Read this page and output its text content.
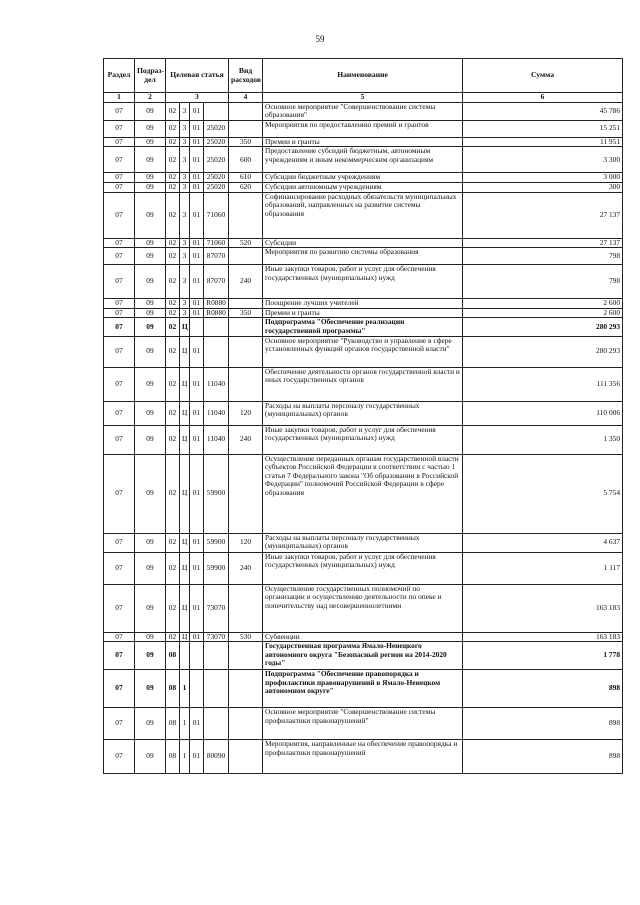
59
Раздел	Подраз-дел	Целевая статья				Вид расходов	Наименование	Сумма
1	2	3				4	5	6
07	09	02	3	01			Основное мероприятие "Совершенствование системы образования"	45 786
07	09	02	3	01	25020		Мероприятия по предоставлению премий и грантов	15 251
07	09	02	3	01	25020	350	Премии и гранты	11 951
07	09	02	3	01	25020	600	Предоставление субсидий бюджетным, автономным учреждениям и иным некоммерческим организациям	3 300
07	09	02	3	01	25020	610	Субсидии бюджетным учреждениям	3 000
07	09	02	3	01	25020	620	Субсидии автономным учреждениям	300
07	09	02	3	01	71060		Софинансирование расходных обязательств муниципальных образований, направленных на развитие системы образования	27 137
07	09	02	3	01	71060	520	Субсидии	27 137
07	09	02	3	01	87070		Мероприятия по развитию системы образования	798
07	09	02	3	01	87070	240	Иные закупки товаров, работ и услуг для обеспечения государственных (муниципальных) нужд	798
07	09	02	3	01	R0880		Поощрение лучших учителей	2 600
07	09	02	3	01	R0880	350	Премии и гранты	2 600
07	09	02	Ц				Подпрограмма "Обеспечение реализации государственной программы"	280 293
07	09	02	Ц	01			Основное мероприятие "Руководство и управление в сфере установленных функций органов государственной власти"	280 293
07	09	02	Ц	01	11040		Обеспечение деятельности органов государственной власти и иных государственных органов	111 356
07	09	02	Ц	01	11040	120	Расходы на выплаты персоналу государственных (муниципальных) органов	110 006
07	09	02	Ц	01	11040	240	Иные закупки товаров, работ и услуг для обеспечения государственных (муниципальных) нужд	1 350
07	09	02	Ц	01	59900		Осуществление переданных органам государственной власти субъектов Российской Федерации в соответствии с частью 1 статьи 7 Федерального закона "Об образовании в Российской Федерации" полномочий Российской Федерации в сфере образования	5 754
07	09	02	Ц	01	59900	120	Расходы на выплаты персоналу государственных (муниципальных) органов	4 637
07	09	02	Ц	01	59900	240	Иные закупки товаров, работ и услуг для обеспечения государственных (муниципальных) нужд	1 117
07	09	02	Ц	01	73070		Осуществление государственных полномочий по организации и осуществлению деятельности по опеке и попечительству над несовершеннолетними	163 183
07	09	02	Ц	01	73070	530	Субвенции	163 183
07	09	08					Государственная программа Ямало-Ненецкого автономного округа "Безопасный регион на 2014-2020 годы"	1 778
07	09	08	1				Подпрограмма "Обеспечение правопорядка и профилактики правонарушений в Ямало-Ненецком автономном округе"	898
07	09	08	1	01			Основное мероприятие "Совершенствование системы профилактики правонарушений"	898
07	09	08	1	01	80090		Мероприятия, направленные на обеспечение правопорядка и профилактики правонарушений	898
